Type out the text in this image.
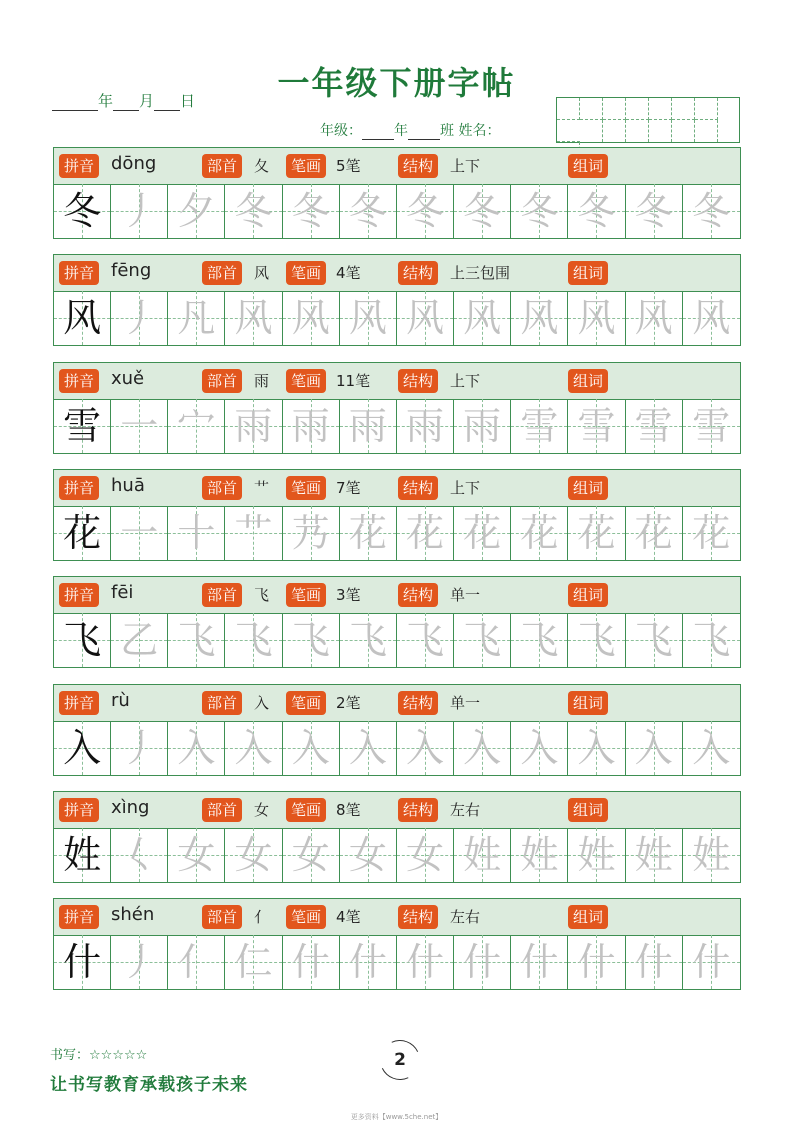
一年级下册字帖
年 月 日
年级： 年 班 姓名：
拼音 dōng	部首	夂	笔画 5笔	结构	上下	组词
冬 丿 夕 冬 冬 冬 冬 冬 冬 冬 冬 冬
拼音 fēng	部首	风	笔画 4笔	结构	上三包围	组词
风 丿 凡 风 风 风 风 风 风 风 风 风
拼音 xuě	部首	雨	笔画 11笔	结构	上下	组词
雪 一 宀 雨 雨 雨 雨 雨 雪 雪 雪 雪
拼音 huā	部首	艹	笔画 7笔	结构	上下	组词
花 一 十 艹 艿 花 花 花 花 花 花 花
拼音 fēi	部首	飞	笔画 3笔	结构	单一	组词
飞 乙 飞 飞 飞 飞 飞 飞 飞 飞 飞 飞
拼音 rù	部首	入	笔画 2笔	结构	单一	组词
入 丿 入 入 入 入 入 入 入 入 入 入
拼音 xìng	部首	女	笔画 8笔	结构	左右	组词
姓 𡿨 女 女 女 女 女 姓 姓 姓 姓 姓
拼音 shén	部首	亻	笔画 4笔	结构	左右	组词
什 丿 亻 仁 什 什 什 什 什 什 什 什
书写：☆☆☆☆☆
让书写教育承载孩子未来
2
更多资料【www.5che.net】
